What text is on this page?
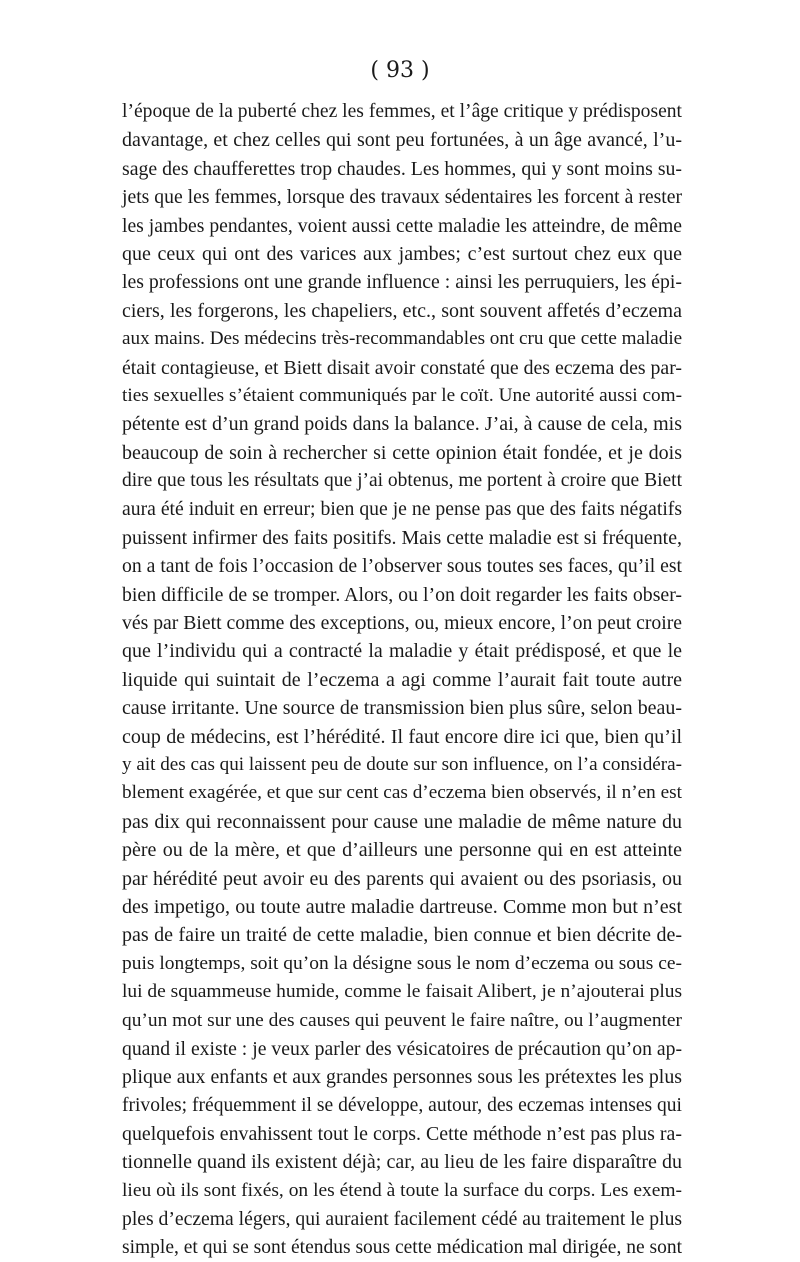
( 93 )
l’époque de la puberté chez les femmes, et l’âge critique y prédisposent
davantage, et chez celles qui sont peu fortunées, à un âge avancé, l’u-
sage des chaufferettes trop chaudes. Les hommes, qui y sont moins su-
jets que les femmes, lorsque des travaux sédentaires les forcent à rester
les jambes pendantes, voient aussi cette maladie les atteindre, de même
que ceux qui ont des varices aux jambes; c’est surtout chez eux que
les professions ont une grande influence : ainsi les perruquiers, les épi-
ciers, les forgerons, les chapeliers, etc., sont souvent affetés d’eczema
aux mains. Des médecins très-recommandables ont cru que cette maladie
était contagieuse, et Biett disait avoir constaté que des eczema des par-
ties sexuelles s’étaient communiqués par le coït. Une autorité aussi com-
pétente est d’un grand poids dans la balance. J’ai, à cause de cela, mis
beaucoup de soin à rechercher si cette opinion était fondée, et je dois
dire que tous les résultats que j’ai obtenus, me portent à croire que Biett
aura été induit en erreur; bien que je ne pense pas que des faits négatifs
puissent infirmer des faits positifs. Mais cette maladie est si fréquente,
on a tant de fois l’occasion de l’observer sous toutes ses faces, qu’il est
bien difficile de se tromper. Alors, ou l’on doit regarder les faits obser-
vés par Biett comme des exceptions, ou, mieux encore, l’on peut croire
que l’individu qui a contracté la maladie y était prédisposé, et que le
liquide qui suintait de l’eczema a agi comme l’aurait fait toute autre
cause irritante. Une source de transmission bien plus sûre, selon beau-
coup de médecins, est l’hérédité. Il faut encore dire ici que, bien qu’il
y ait des cas qui laissent peu de doute sur son influence, on l’a considéra-
blement exagérée, et que sur cent cas d’eczema bien observés, il n’en est
pas dix qui reconnaissent pour cause une maladie de même nature du
père ou de la mère, et que d’ailleurs une personne qui en est atteinte
par hérédité peut avoir eu des parents qui avaient ou des psoriasis, ou
des impetigo, ou toute autre maladie dartreuse. Comme mon but n’est
pas de faire un traité de cette maladie, bien connue et bien décrite de-
puis longtemps, soit qu’on la désigne sous le nom d’eczema ou sous ce-
lui de squammeuse humide, comme le faisait Alibert, je n’ajouterai plus
qu’un mot sur une des causes qui peuvent le faire naître, ou l’augmenter
quand il existe : je veux parler des vésicatoires de précaution qu’on ap-
plique aux enfants et aux grandes personnes sous les prétextes les plus
frivoles; fréquemment il se développe, autour, des eczemas intenses qui
quelquefois envahissent tout le corps. Cette méthode n’est pas plus ra-
tionnelle quand ils existent déjà; car, au lieu de les faire disparaître du
lieu où ils sont fixés, on les étend à toute la surface du corps. Les exem-
ples d’eczema légers, qui auraient facilement cédé au traitement le plus
simple, et qui se sont étendus sous cette médication mal dirigée, ne sont
